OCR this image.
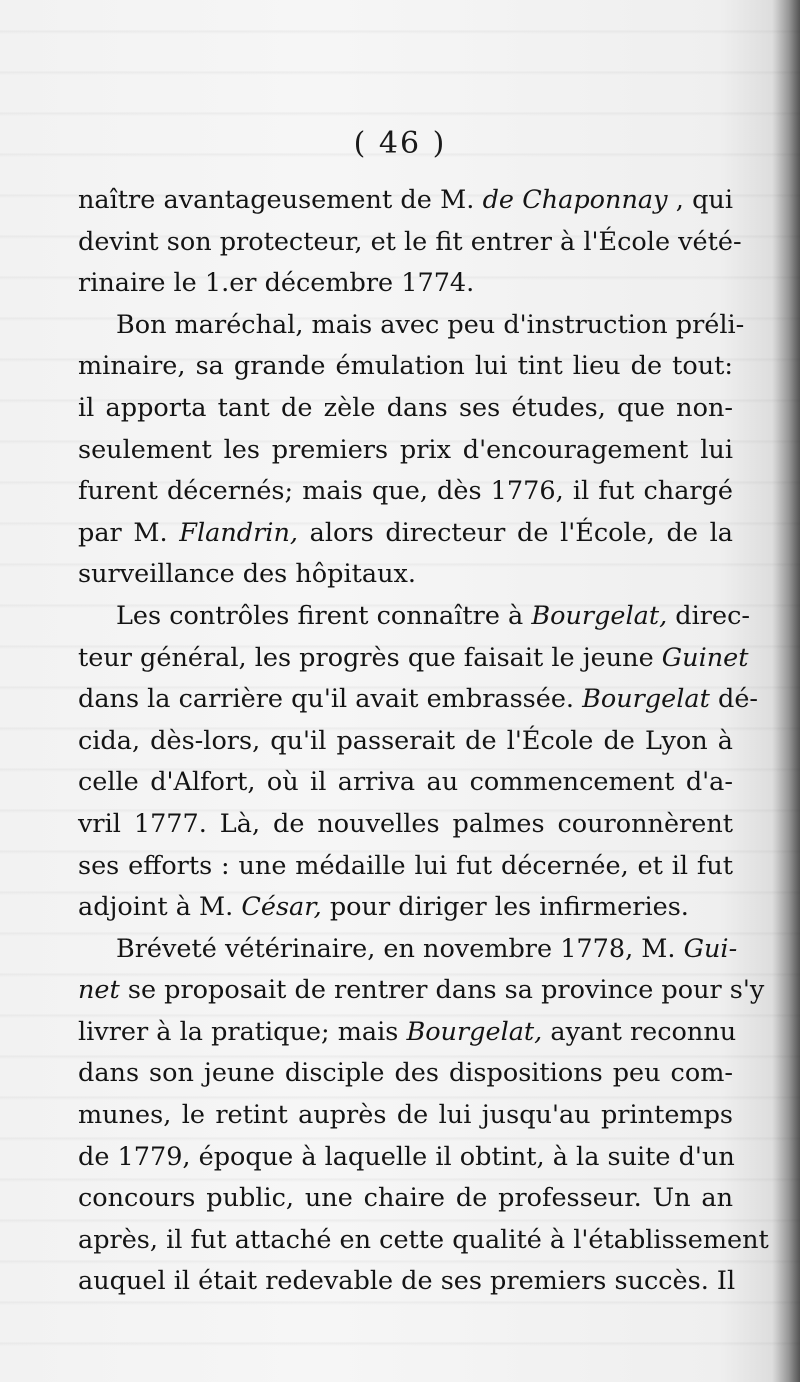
( 46 )
naître avantageusement de M. de Chaponnay , qui
devint son protecteur, et le fit entrer à l'École vété-
rinaire le 1.er décembre 1774.
Bon maréchal, mais avec peu d'instruction préli-
minaire, sa grande émulation lui tint lieu de tout:
il apporta tant de zèle dans ses études, que non-
seulement les premiers prix d'encouragement lui
furent décernés; mais que, dès 1776, il fut chargé
par M. Flandrin, alors directeur de l'École, de la
surveillance des hôpitaux.
Les contrôles firent connaître à Bourgelat, direc-
teur général, les progrès que faisait le jeune Guinet
dans la carrière qu'il avait embrassée. Bourgelat dé-
cida, dès-lors, qu'il passerait de l'École de Lyon à
celle d'Alfort, où il arriva au commencement d'a-
vril 1777. Là, de nouvelles palmes couronnèrent
ses efforts : une médaille lui fut décernée, et il fut
adjoint à M. César, pour diriger les infirmeries.
Bréveté vétérinaire, en novembre 1778, M. Gui-
net se proposait de rentrer dans sa province pour s'y
livrer à la pratique; mais Bourgelat, ayant reconnu
dans son jeune disciple des dispositions peu com-
munes, le retint auprès de lui jusqu'au printemps
de 1779, époque à laquelle il obtint, à la suite d'un
concours public, une chaire de professeur. Un an
après, il fut attaché en cette qualité à l'établissement
auquel il était redevable de ses premiers succès. Il
